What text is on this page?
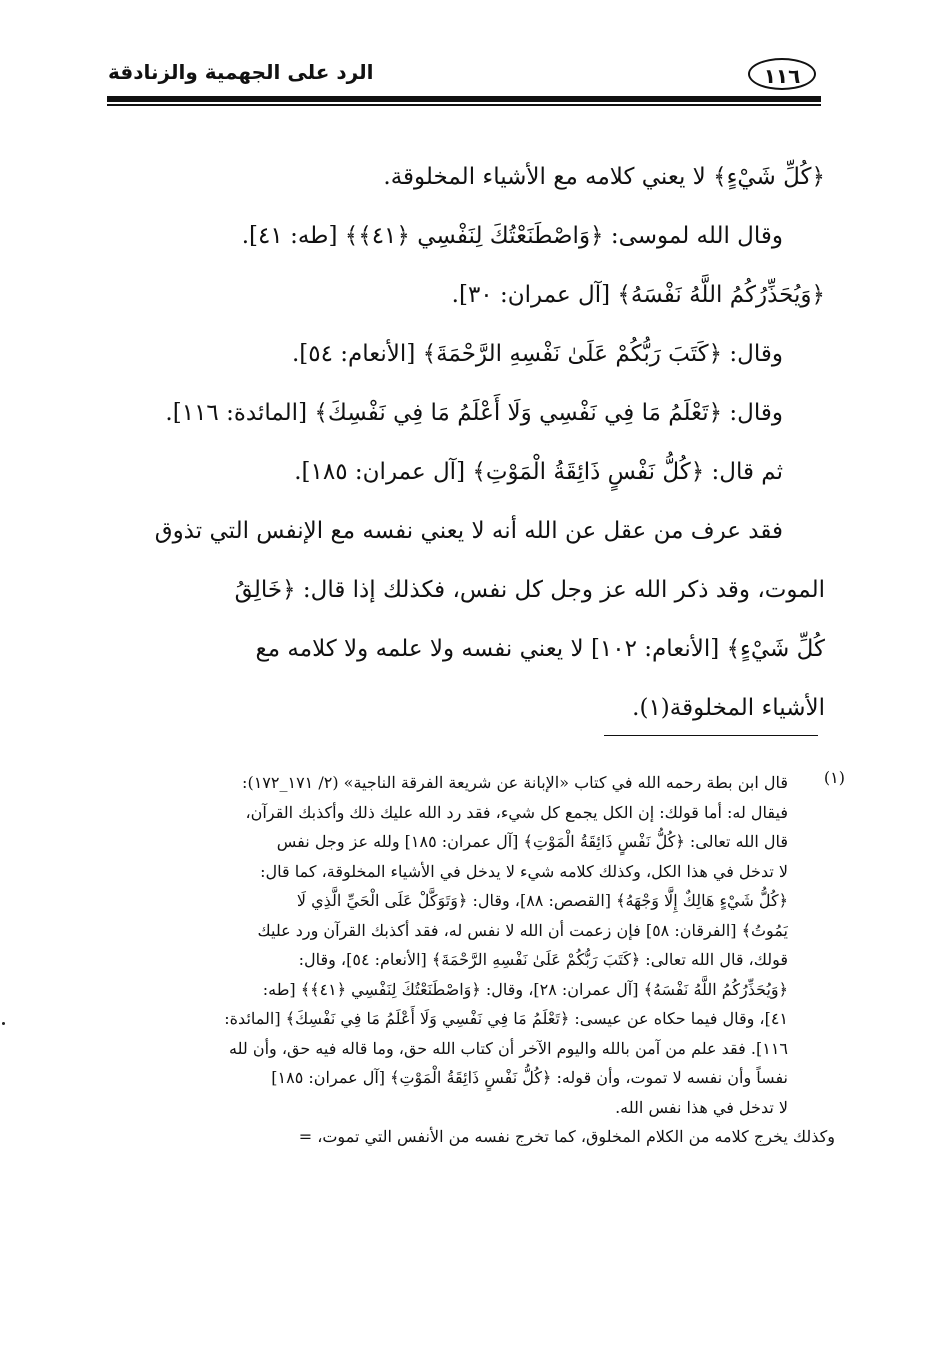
١١٦
الرد على الجهمية والزنادقة
﴿كُلِّ شَيْءٍ﴾ لا يعني كلامه مع الأشياء المخلوقة.
وقال الله لموسى: ﴿وَاصْطَنَعْتُكَ لِنَفْسِي ﴿٤١﴾﴾ [طه: ٤١].
﴿وَيُحَذِّرُكُمُ اللَّهُ نَفْسَهُ﴾ [آل عمران: ٣٠].
وقال: ﴿كَتَبَ رَبُّكُمْ عَلَىٰ نَفْسِهِ الرَّحْمَةَ﴾ [الأنعام: ٥٤].
وقال: ﴿تَعْلَمُ مَا فِي نَفْسِي وَلَا أَعْلَمُ مَا فِي نَفْسِكَ﴾ [المائدة: ١١٦].
ثم قال: ﴿كُلُّ نَفْسٍ ذَائِقَةُ الْمَوْتِ﴾ [آل عمران: ١٨٥].
فقد عرف من عقل عن الله أنه لا يعني نفسه مع الإنفس التي تذوق
الموت، وقد ذكر الله عز وجل كل نفس، فكذلك إذا قال: ﴿خَالِقُ
كُلِّ شَيْءٍ﴾ [الأنعام: ١٠٢] لا يعني نفسه ولا علمه ولا كلامه مع
الأشياء المخلوقة(١).
(١)
قال ابن بطة رحمه الله في كتاب «الإبانة عن شريعة الفرقة الناجية» (٢/ ١٧١_١٧٢):
فيقال له: أما قولك: إن الكل يجمع كل شيء، فقد رد الله عليك ذلك وأكذبك القرآن،
قال الله تعالى: ﴿كُلُّ نَفْسٍ ذَائِقَةُ الْمَوْتِ﴾ [آل عمران: ١٨٥] ولله عز وجل نفس
لا تدخل في هذا الكل، وكذلك كلامه شيء لا يدخل في الأشياء المخلوقة، كما قال:
﴿كُلُّ شَيْءٍ هَالِكٌ إِلَّا وَجْهَهُ﴾ [القصص: ٨٨]، وقال: ﴿وَتَوَكَّلْ عَلَى الْحَيِّ الَّذِي لَا
يَمُوتُ﴾ [الفرقان: ٥٨] فإن زعمت أن الله لا نفس له، فقد أكذبك القرآن ورد عليك
قولك، قال الله تعالى: ﴿كَتَبَ رَبُّكُمْ عَلَىٰ نَفْسِهِ الرَّحْمَةَ﴾ [الأنعام: ٥٤]، وقال:
﴿وَيُحَذِّرُكُمُ اللَّهُ نَفْسَهُ﴾ [آل عمران: ٢٨]، وقال: ﴿وَاصْطَنَعْتُكَ لِنَفْسِي ﴿٤١﴾﴾ [طه:
٤١]، وقال فيما حكاه عن عيسى: ﴿تَعْلَمُ مَا فِي نَفْسِي وَلَا أَعْلَمُ مَا فِي نَفْسِكَ﴾ [المائدة:
١١٦]. فقد علم من آمن بالله واليوم الآخر أن كتاب الله حق، وما قاله فيه حق، وأن لله
نفساً وأن نفسه لا تموت، وأن قوله: ﴿كُلُّ نَفْسٍ ذَائِقَةُ الْمَوْتِ﴾ [آل عمران: ١٨٥]
لا تدخل في هذا نفس الله.
وكذلك يخرج كلامه من الكلام المخلوق، كما تخرج نفسه من الأنفس التي تموت، =
